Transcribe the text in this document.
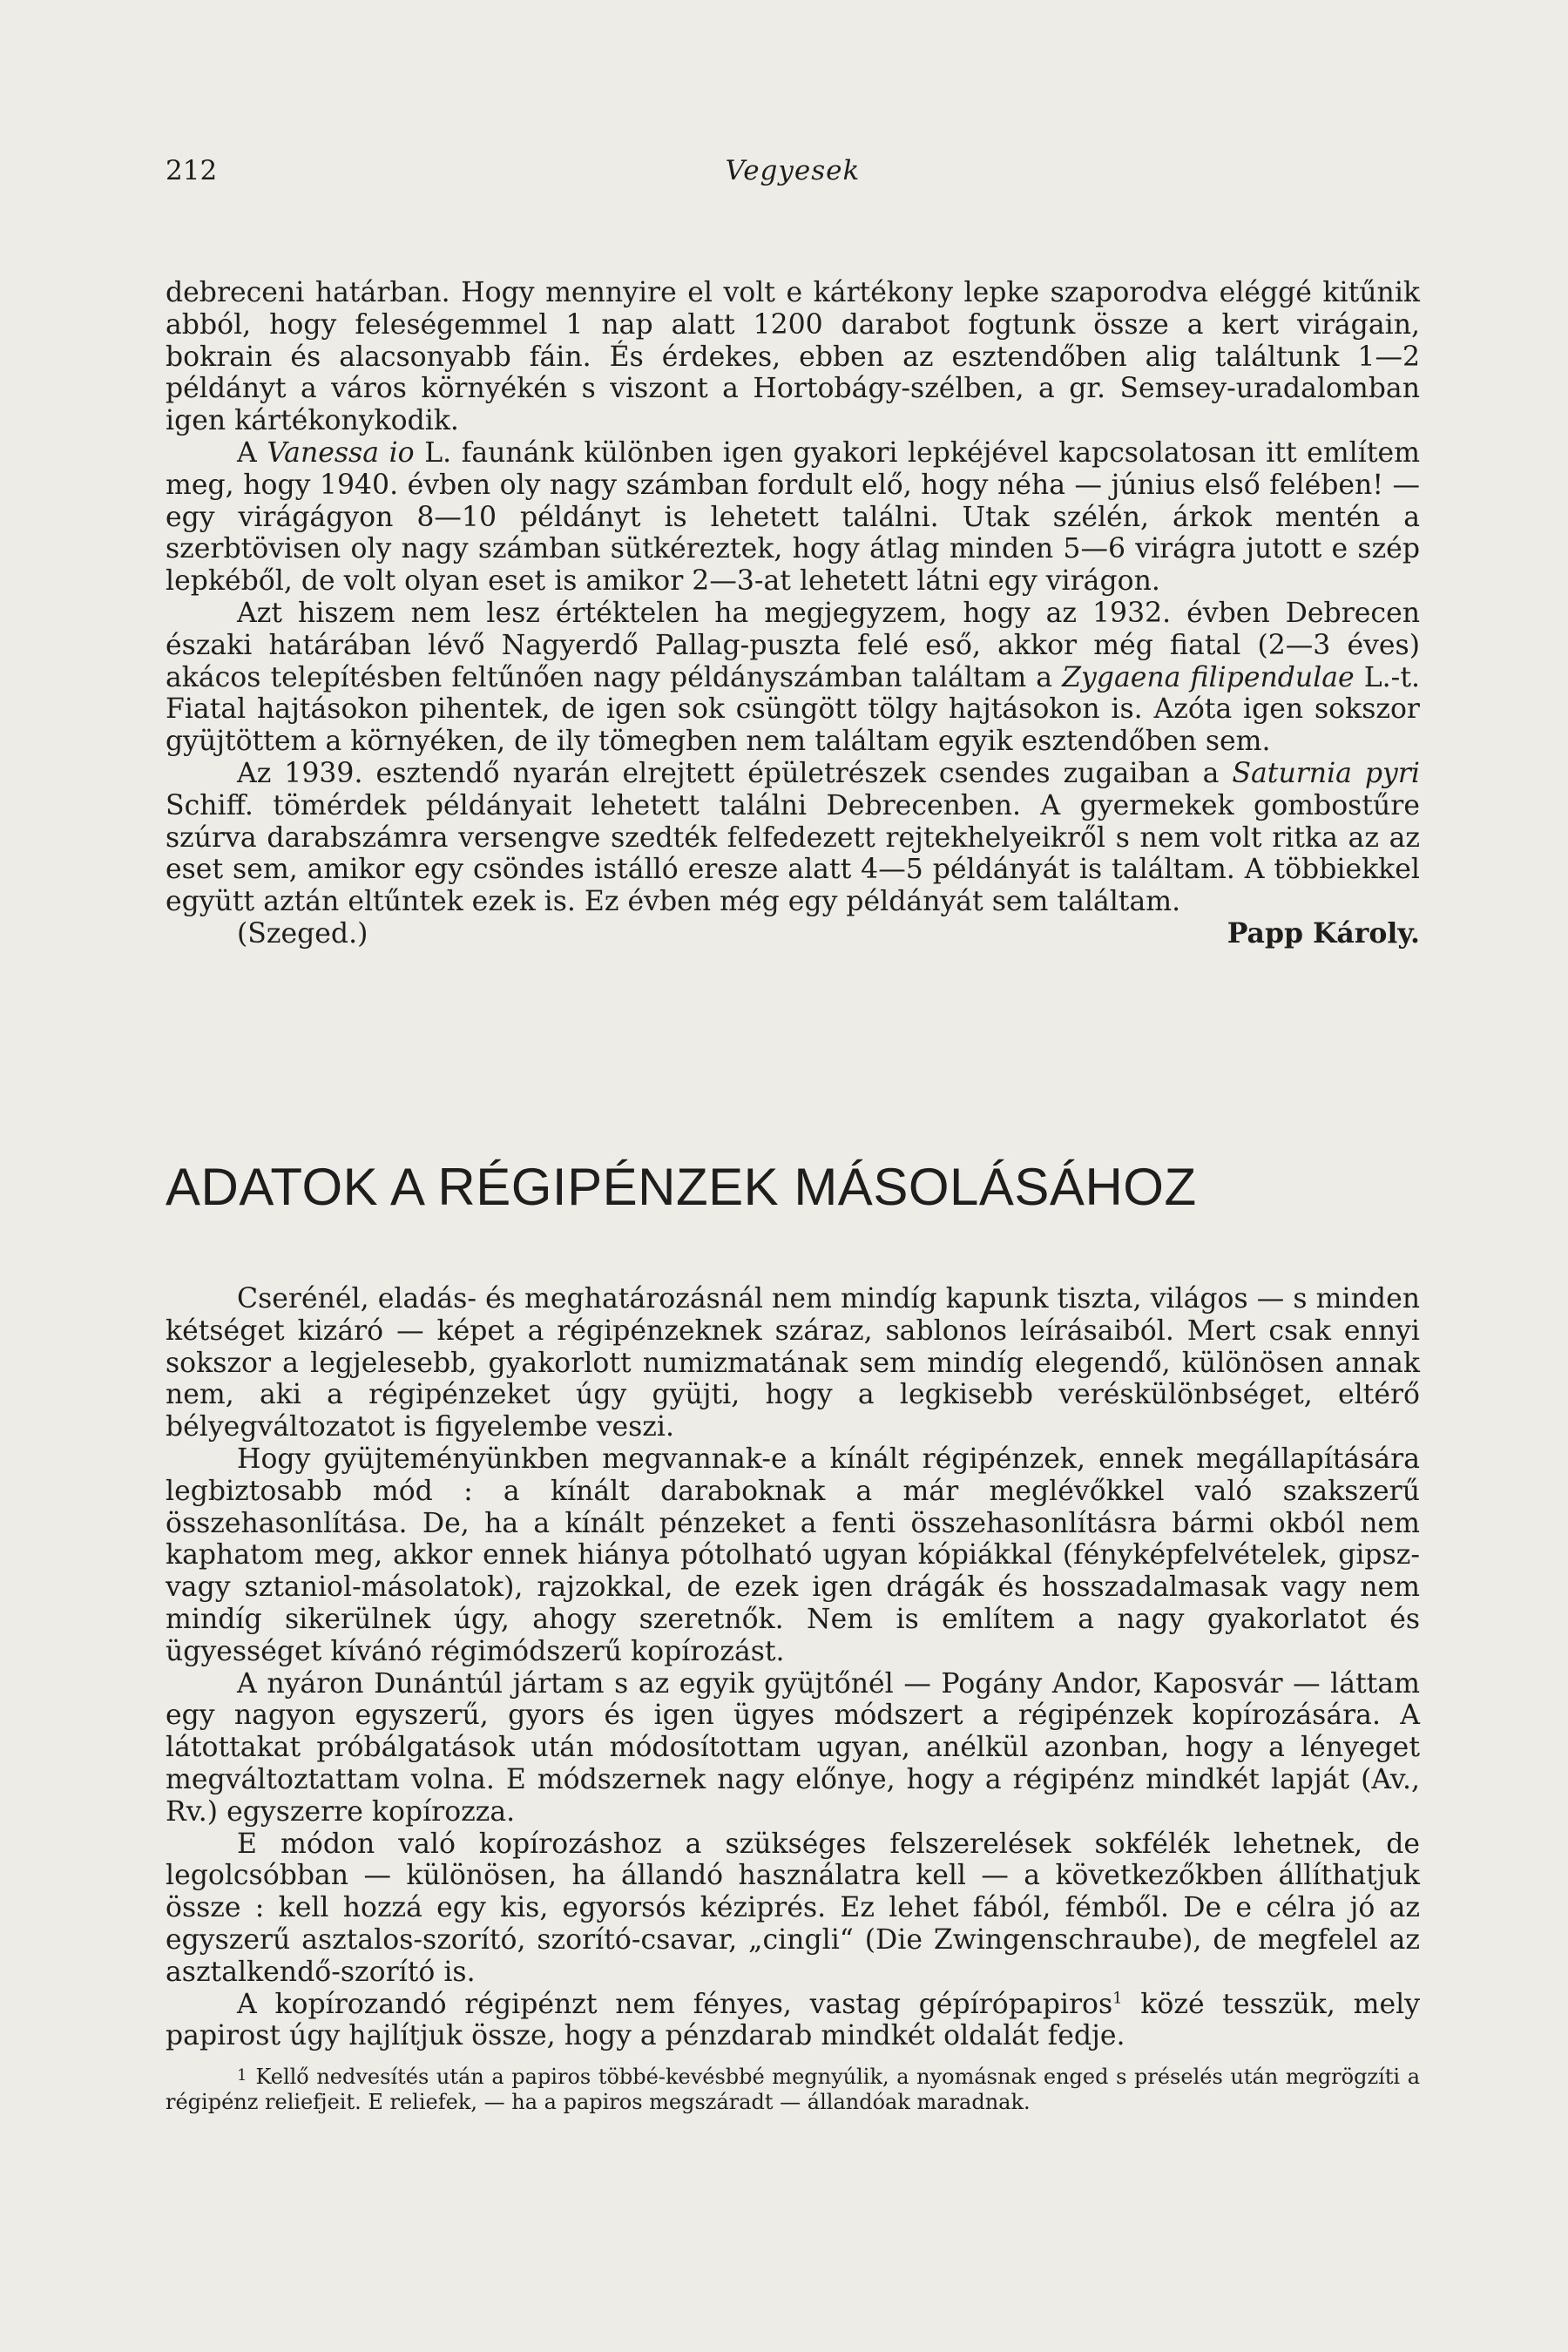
212	Vegyesek

debreceni határban. Hogy mennyire el volt e kártékony lepke szaporodva eléggé kitűnik abból, hogy feleségemmel 1 nap alatt 1200 darabot fogtunk össze a kert virágain, bokrain és alacsonyabb fáin. És érdekes, ebben az esztendőben alig találtunk 1—2 példányt a város környékén s viszont a Hortobágy-szélben, a gr. Semsey-uradalomban igen kártékonykodik.

A Vanessa io L. faunánk különben igen gyakori lepkéjével kapcsolatosan itt említem meg, hogy 1940. évben oly nagy számban fordult elő, hogy néha — június első felében! — egy virágágyon 8—10 példányt is lehetett találni. Utak szélén, árkok mentén a szerbtövisen oly nagy számban sütkéreztek, hogy átlag minden 5—6 virágra jutott e szép lepkéből, de volt olyan eset is amikor 2—3-at lehetett látni egy virágon.

Azt hiszem nem lesz értéktelen ha megjegyzem, hogy az 1932. évben Debrecen északi határában lévő Nagyerdő Pallag-puszta felé eső, akkor még fiatal (2—3 éves) akácos telepítésben feltűnően nagy példányszámban találtam a Zygaena filipendulae L.-t. Fiatal hajtásokon pihentek, de igen sok csüngött tölgy hajtásokon is. Azóta igen sokszor gyüjtöttem a környéken, de ily tömegben nem találtam egyik esztendőben sem.

Az 1939. esztendő nyarán elrejtett épületrészek csendes zugaiban a Saturnia pyri Schiff. tömérdek példányait lehetett találni Debrecenben. A gyermekek gombostűre szúrva darabszámra versengve szedték felfedezett rejtekhelyeikről s nem volt ritka az az eset sem, amikor egy csöndes istálló eresze alatt 4—5 példányát is találtam. A többiekkel együtt aztán eltűntek ezek is. Ez évben még egy példányát sem találtam.

(Szeged.)	Papp Károly.
ADATOK A RÉGIPÉNZEK MÁSOLÁSÁHOZ

Cserénél, eladás- és meghatározásnál nem mindíg kapunk tiszta, világos — s minden kétséget kizáró — képet a régipénzeknek száraz, sablonos leírásaiból. Mert csak ennyi sokszor a legjelesebb, gyakorlott numizmatának sem mindíg elegendő, különösen annak nem, aki a régipénzeket úgy gyüjti, hogy a legkisebb veréskülönbséget, eltérő bélyegváltozatot is figyelembe veszi.

Hogy gyüjteményünkben megvannak-e a kínált régipénzek, ennek megállapítására legbiztosabb mód : a kínált daraboknak a már meglévőkkel való szakszerű összehasonlítása. De, ha a kínált pénzeket a fenti összehasonlításra bármi okból nem kaphatom meg, akkor ennek hiánya pótolható ugyan kópiákkal (fényképfelvételek, gipsz- vagy sztaniol-másolatok), rajzokkal, de ezek igen drágák és hosszadalmasak vagy nem mindíg sikerülnek úgy, ahogy szeretnők. Nem is említem a nagy gyakorlatot és ügyességet kívánó régimódszerű kopírozást.

A nyáron Dunántúl jártam s az egyik gyüjtőnél — Pogány Andor, Kaposvár — láttam egy nagyon egyszerű, gyors és igen ügyes módszert a régipénzek kopírozására. A látottakat próbálgatások után módosítottam ugyan, anélkül azonban, hogy a lényeget megváltoztattam volna. E módszernek nagy előnye, hogy a régipénz mindkét lapját (Av., Rv.) egyszerre kopírozza.

E módon való kopírozáshoz a szükséges felszerelések sokfélék lehetnek, de legolcsóbban — különösen, ha állandó használatra kell — a következőkben állíthatjuk össze : kell hozzá egy kis, egyorsós kéziprés. Ez lehet fából, fémből. De e célra jó az egyszerű asztalos-szorító, szorító-csavar, „cingli“ (Die Zwingenschraube), de megfelel az asztalkendő-szorító is.

A kopírozandó régipénzt nem fényes, vastag gépírópapiros$^1$ közé tesszük, mely papirost úgy hajlítjuk össze, hogy a pénzdarab mindkét oldalát fedje.

1 Kellő nedvesítés után a papiros többé-kevésbbé megnyúlik, a nyomásnak enged s préselés után megrögzíti a régipénz reliefjeit. E reliefek, — ha a papiros megszáradt — állandóak maradnak.
